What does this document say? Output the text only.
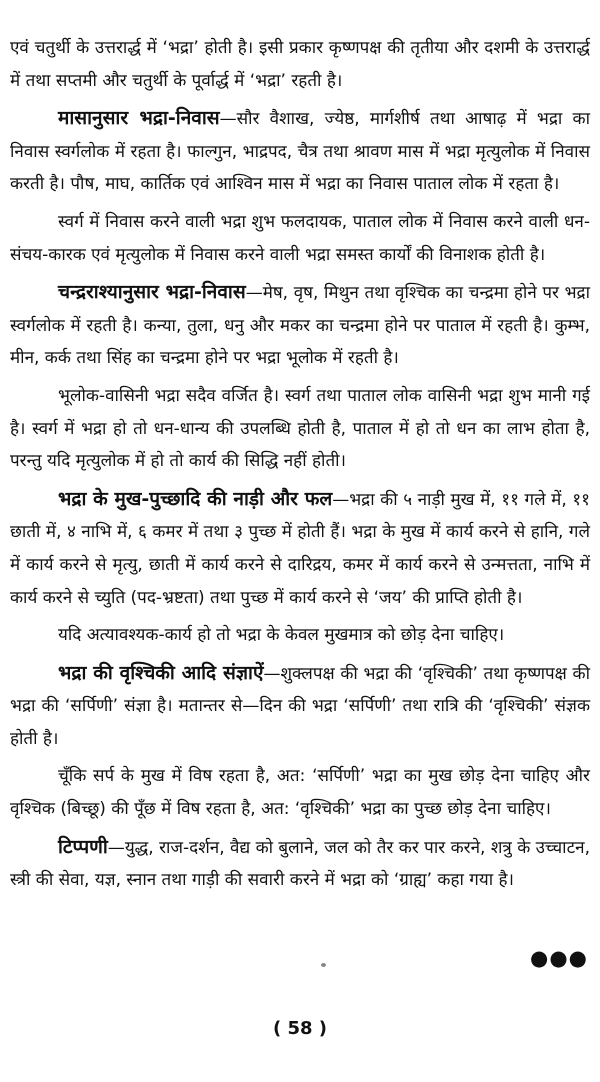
एवं चतुर्थी के उत्तरार्द्ध में ‘भद्रा’ होती है। इसी प्रकार कृष्णपक्ष की तृतीया और दशमी के उत्तरार्द्ध में तथा सप्तमी और चतुर्थी के पूर्वार्द्ध में ‘भद्रा’ रहती है।

मासानुसार भद्रा-निवास—सौर वैशाख, ज्येष्ठ, मार्गशीर्ष तथा आषाढ़ में भद्रा का निवास स्वर्गलोक में रहता है। फाल्गुन, भाद्रपद, चैत्र तथा श्रावण मास में भद्रा मृत्युलोक में निवास करती है। पौष, माघ, कार्तिक एवं आश्विन मास में भद्रा का निवास पाताल लोक में रहता है।

स्वर्ग में निवास करने वाली भद्रा शुभ फलदायक, पाताल लोक में निवास करने वाली धन-संचय-कारक एवं मृत्युलोक में निवास करने वाली भद्रा समस्त कार्यों की विनाशक होती है।

चन्द्रराश्यानुसार भद्रा-निवास—मेष, वृष, मिथुन तथा वृश्चिक का चन्द्रमा होने पर भद्रा स्वर्गलोक में रहती है। कन्या, तुला, धनु और मकर का चन्द्रमा होने पर पाताल में रहती है। कुम्भ, मीन, कर्क तथा सिंह का चन्द्रमा होने पर भद्रा भूलोक में रहती है।

भूलोक-वासिनी भद्रा सदैव वर्जित है। स्वर्ग तथा पाताल लोक वासिनी भद्रा शुभ मानी गई है। स्वर्ग में भद्रा हो तो धन-धान्य की उपलब्धि होती है, पाताल में हो तो धन का लाभ होता है, परन्तु यदि मृत्युलोक में हो तो कार्य की सिद्धि नहीं होती।

भद्रा के मुख-पुच्छादि की नाड़ी और फल—भद्रा की ५ नाड़ी मुख में, ११ गले में, ११ छाती में, ४ नाभि में, ६ कमर में तथा ३ पुच्छ में होती हैं। भद्रा के मुख में कार्य करने से हानि, गले में कार्य करने से मृत्यु, छाती में कार्य करने से दारिद्रय, कमर में कार्य करने से उन्मत्तता, नाभि में कार्य करने से च्युति (पद-भ्रष्टता) तथा पुच्छ में कार्य करने से ‘जय’ की प्राप्ति होती है।

यदि अत्यावश्यक-कार्य हो तो भद्रा के केवल मुखमात्र को छोड़ देना चाहिए।

भद्रा की वृश्चिकी आदि संज्ञाऐं—शुक्लपक्ष की भद्रा की ‘वृश्चिकी’ तथा कृष्णपक्ष की भद्रा की ‘सर्पिणी’ संज्ञा है। मतान्तर से—दिन की भद्रा ‘सर्पिणी’ तथा रात्रि की ‘वृश्चिकी’ संज्ञक होती है।

चूँकि सर्प के मुख में विष रहता है, अत: ‘सर्पिणी’ भद्रा का मुख छोड़ देना चाहिए और वृश्चिक (बिच्छू) की पूँछ में विष रहता है, अत: ‘वृश्चिकी’ भद्रा का पुच्छ छोड़ देना चाहिए।

टिप्पणी—युद्ध, राज-दर्शन, वैद्य को बुलाने, जल को तैर कर पार करने, शत्रु के उच्चाटन, स्त्री की सेवा, यज्ञ, स्नान तथा गाड़ी की सवारी करने में भद्रा को ‘ग्राह्य’ कहा गया है।

●●●
( 58 )
